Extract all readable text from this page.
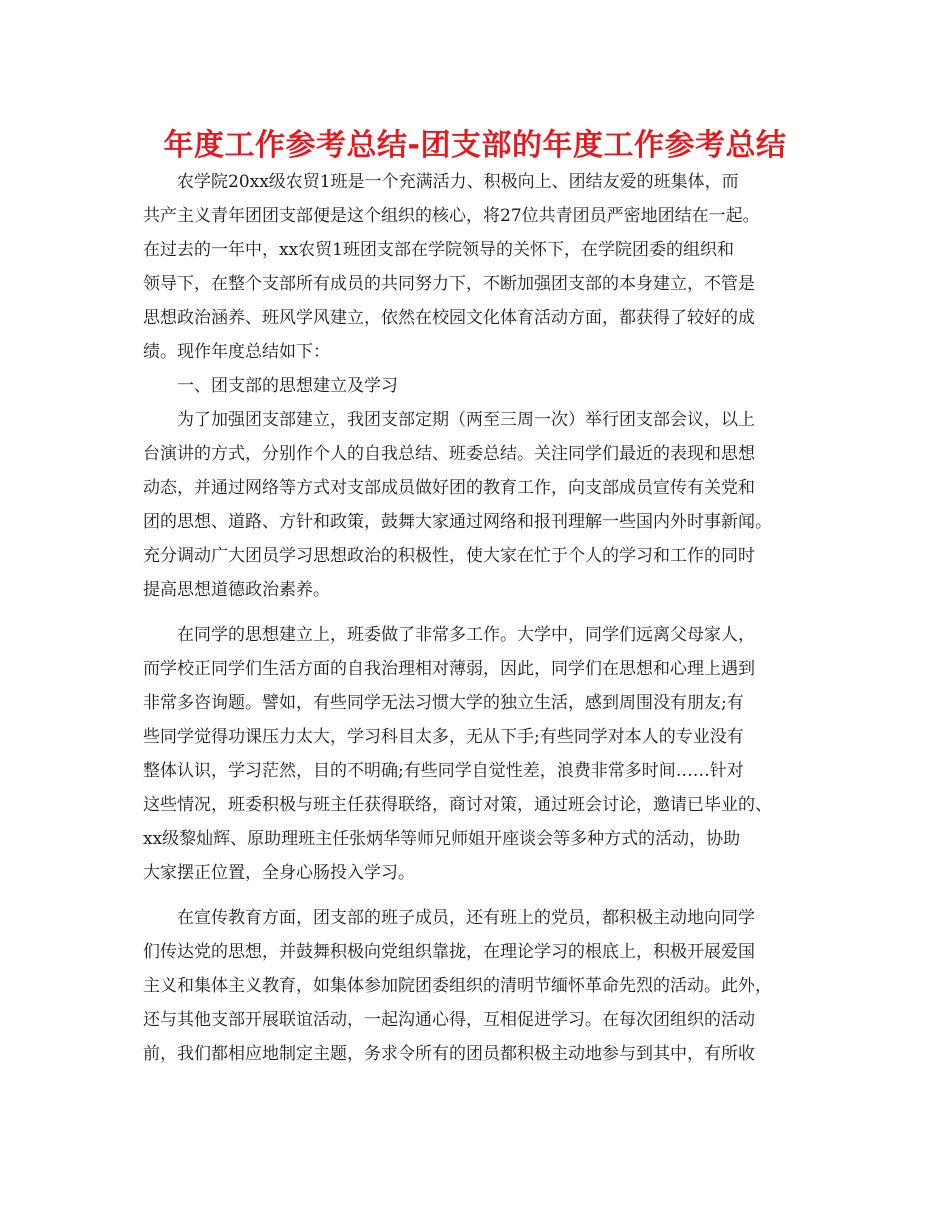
年度工作参考总结-团支部的年度工作参考总结
农学院20xx级农贸1班是一个充满活力、积极向上、团结友爱的班集体，而
共产主义青年团团支部便是这个组织的核心，将27位共青团员严密地团结在一起。
在过去的一年中，xx农贸1班团支部在学院领导的关怀下，在学院团委的组织和
领导下，在整个支部所有成员的共同努力下，不断加强团支部的本身建立，不管是
思想政治涵养、班风学风建立，依然在校园文化体育活动方面，都获得了较好的成
绩。现作年度总结如下：
一、团支部的思想建立及学习
为了加强团支部建立，我团支部定期（两至三周一次）举行团支部会议，以上
台演讲的方式，分别作个人的自我总结、班委总结。关注同学们最近的表现和思想
动态，并通过网络等方式对支部成员做好团的教育工作，向支部成员宣传有关党和
团的思想、道路、方针和政策，鼓舞大家通过网络和报刊理解一些国内外时事新闻。
充分调动广大团员学习思想政治的积极性，使大家在忙于个人的学习和工作的同时
提高思想道德政治素养。
在同学的思想建立上，班委做了非常多工作。大学中，同学们远离父母家人，
而学校正同学们生活方面的自我治理相对薄弱，因此，同学们在思想和心理上遇到
非常多咨询题。譬如，有些同学无法习惯大学的独立生活，感到周围没有朋友;有
些同学觉得功课压力太大，学习科目太多，无从下手;有些同学对本人的专业没有
整体认识，学习茫然，目的不明确;有些同学自觉性差，浪费非常多时间……针对
这些情况，班委积极与班主任获得联络，商讨对策，通过班会讨论，邀请已毕业的、
xx级黎灿辉、原助理班主任张炳华等师兄师姐开座谈会等多种方式的活动，协助
大家摆正位置，全身心肠投入学习。
在宣传教育方面，团支部的班子成员，还有班上的党员，都积极主动地向同学
们传达党的思想，并鼓舞积极向党组织靠拢，在理论学习的根底上，积极开展爱国
主义和集体主义教育，如集体参加院团委组织的清明节缅怀革命先烈的活动。此外，
还与其他支部开展联谊活动，一起沟通心得，互相促进学习。在每次团组织的活动
前，我们都相应地制定主题，务求令所有的团员都积极主动地参与到其中，有所收
